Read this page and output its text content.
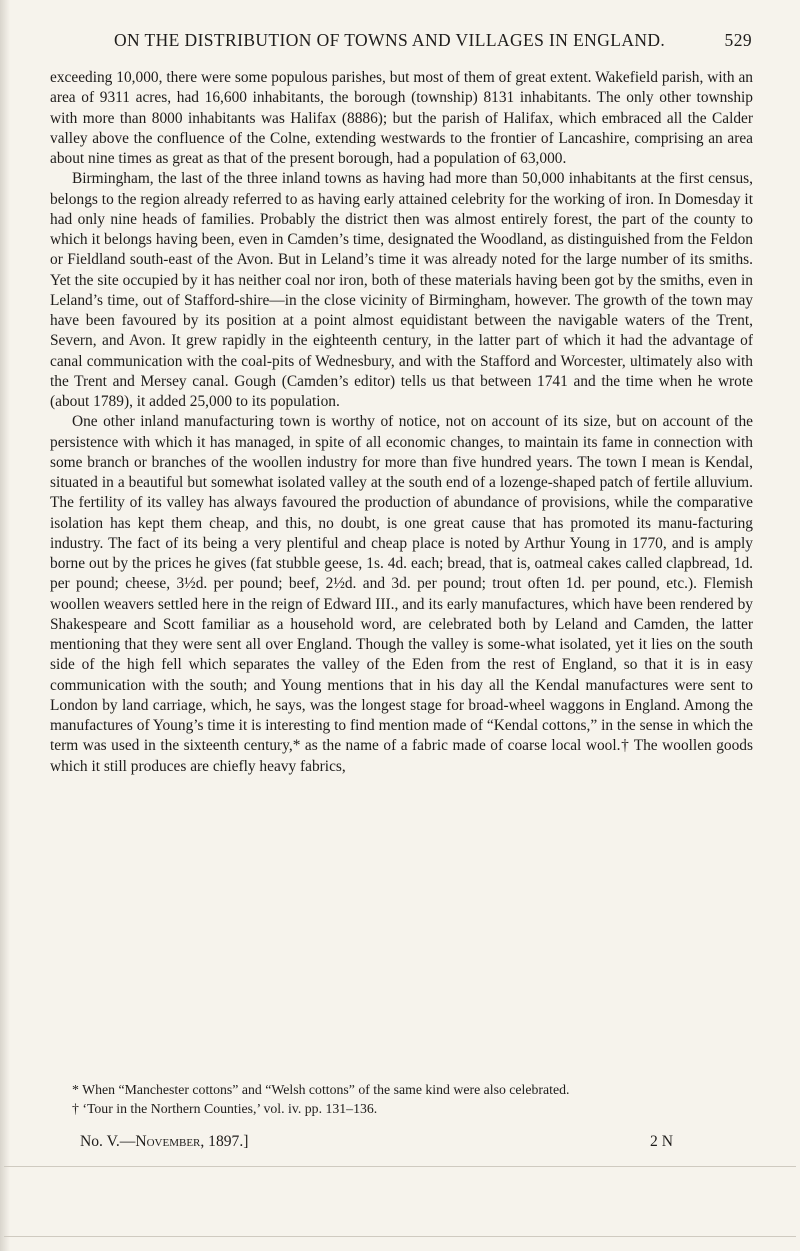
ON THE DISTRIBUTION OF TOWNS AND VILLAGES IN ENGLAND.	529

exceeding 10,000, there were some populous parishes, but most of them of great extent. Wakefield parish, with an area of 9311 acres, had 16,600 inhabitants, the borough (township) 8131 inhabitants. The only other township with more than 8000 inhabitants was Halifax (8886); but the parish of Halifax, which embraced all the Calder valley above the confluence of the Colne, extending westwards to the frontier of Lancashire, comprising an area about nine times as great as that of the present borough, had a population of 63,000.

Birmingham, the last of the three inland towns as having had more than 50,000 inhabitants at the first census, belongs to the region already referred to as having early attained celebrity for the working of iron. In Domesday it had only nine heads of families. Probably the district then was almost entirely forest, the part of the county to which it belongs having been, even in Camden’s time, designated the Woodland, as distinguished from the Feldon or Fieldland south-east of the Avon. But in Leland’s time it was already noted for the large number of its smiths. Yet the site occupied by it has neither coal nor iron, both of these materials having been got by the smiths, even in Leland’s time, out of Stafford-shire—in the close vicinity of Birmingham, however. The growth of the town may have been favoured by its position at a point almost equidistant between the navigable waters of the Trent, Severn, and Avon. It grew rapidly in the eighteenth century, in the latter part of which it had the advantage of canal communication with the coal-pits of Wednesbury, and with the Stafford and Worcester, ultimately also with the Trent and Mersey canal. Gough (Camden’s editor) tells us that between 1741 and the time when he wrote (about 1789), it added 25,000 to its population.

One other inland manufacturing town is worthy of notice, not on account of its size, but on account of the persistence with which it has managed, in spite of all economic changes, to maintain its fame in connection with some branch or branches of the woollen industry for more than five hundred years. The town I mean is Kendal, situated in a beautiful but somewhat isolated valley at the south end of a lozenge-shaped patch of fertile alluvium. The fertility of its valley has always favoured the production of abundance of provisions, while the comparative isolation has kept them cheap, and this, no doubt, is one great cause that has promoted its manu-facturing industry. The fact of its being a very plentiful and cheap place is noted by Arthur Young in 1770, and is amply borne out by the prices he gives (fat stubble geese, 1s. 4d. each; bread, that is, oatmeal cakes called clapbread, 1d. per pound; cheese, 3½d. per pound; beef, 2½d. and 3d. per pound; trout often 1d. per pound, etc.). Flemish woollen weavers settled here in the reign of Edward III., and its early manufactures, which have been rendered by Shakespeare and Scott familiar as a household word, are celebrated both by Leland and Camden, the latter mentioning that they were sent all over England. Though the valley is some-what isolated, yet it lies on the south side of the high fell which separates the valley of the Eden from the rest of England, so that it is in easy communication with the south; and Young mentions that in his day all the Kendal manufactures were sent to London by land carriage, which, he says, was the longest stage for broad-wheel waggons in England. Among the manufactures of Young’s time it is interesting to find mention made of “Kendal cottons,” in the sense in which the term was used in the sixteenth century,* as the name of a fabric made of coarse local wool.† The woollen goods which it still produces are chiefly heavy fabrics,

* When “Manchester cottons” and “Welsh cottons” of the same kind were also celebrated.

† ‘Tour in the Northern Counties,’ vol. iv. pp. 131–136.

No. V.—November, 1897.]	2 N
